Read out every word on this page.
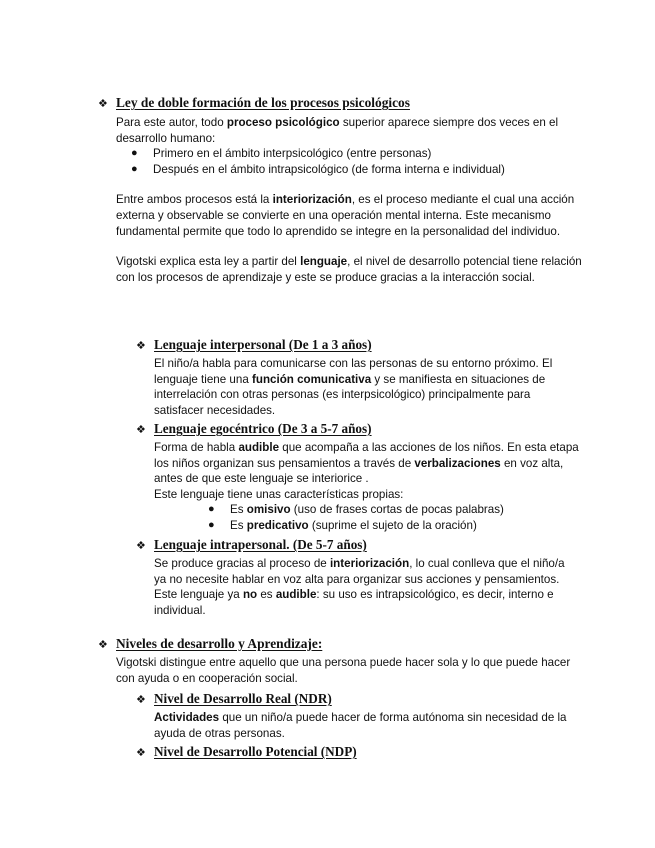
❖ Ley de doble formación de los procesos psicológicos

Para este autor, todo proceso psicológico superior aparece siempre dos veces en el desarrollo humano:

● Primero en el ámbito interpsicológico (entre personas)
● Después en el ámbito intrapsicológico (de forma interna e individual)

Entre ambos procesos está la interiorización, es el proceso mediante el cual una acción externa y observable se convierte en una operación mental interna. Este mecanismo fundamental permite que todo lo aprendido se integre en la personalidad del individuo.

Vigotski explica esta ley a partir del lenguaje, el nivel de desarrollo potencial tiene relación con los procesos de aprendizaje y este se produce gracias a la interacción social.

❖ Lenguaje interpersonal (De 1 a 3 años)

El niño/a habla para comunicarse con las personas de su entorno próximo. El lenguaje tiene una función comunicativa y se manifiesta en situaciones de interrelación con otras personas (es interpsicológico) principalmente para satisfacer necesidades.

❖ Lenguaje egocéntrico (De 3 a 5-7 años)

Forma de habla audible que acompaña a las acciones de los niños. En esta etapa los niños organizan sus pensamientos a través de verbalizaciones en voz alta, antes de que este lenguaje se interiorice .

Este lenguaje tiene unas características propias:

● Es omisivo (uso de frases cortas de pocas palabras)
● Es predicativo (suprime el sujeto de la oración)
❖ Lenguaje intrapersonal. (De 5-7 años)

Se produce gracias al proceso de interiorización, lo cual conlleva que el niño/a ya no necesite hablar en voz alta para organizar sus acciones y pensamientos. Este lenguaje ya no es audible: su uso es intrapsicológico, es decir, interno e individual.

❖ Niveles de desarrollo y Aprendizaje:

Vigotski distingue entre aquello que una persona puede hacer sola y lo que puede hacer con ayuda o en cooperación social.

❖ Nivel de Desarrollo Real (NDR)

Actividades que un niño/a puede hacer de forma autónoma sin necesidad de la ayuda de otras personas.

❖ Nivel de Desarrollo Potencial (NDP)
